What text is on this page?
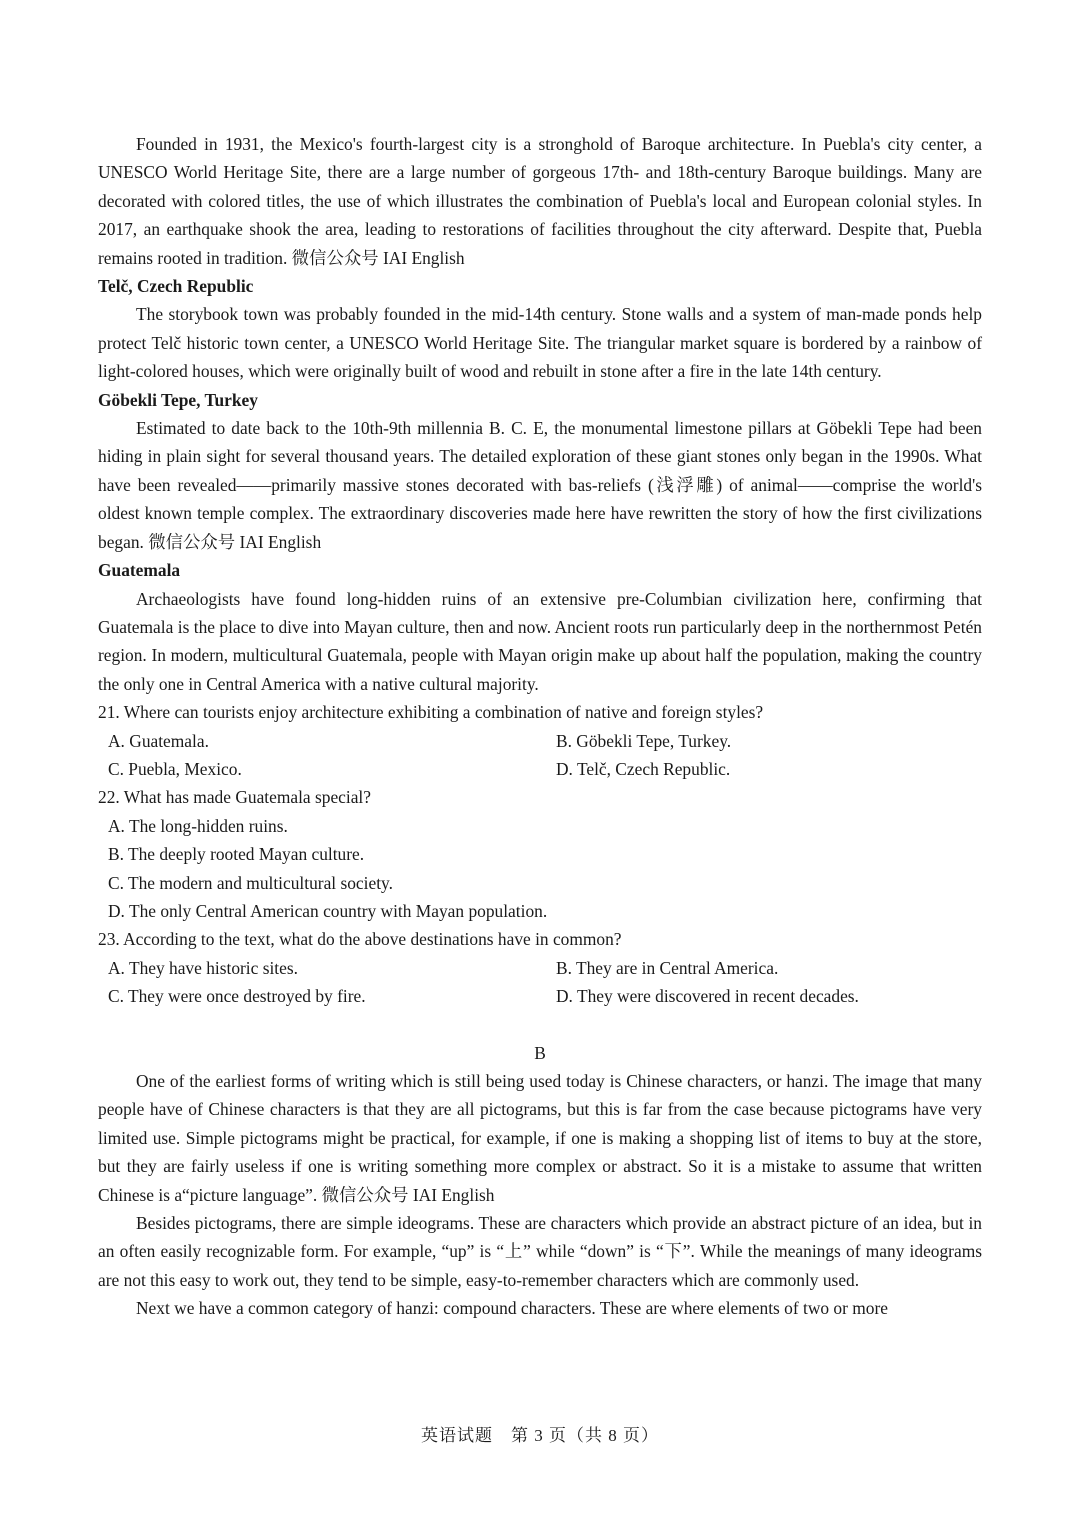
Founded in 1931, the Mexico's fourth-largest city is a stronghold of Baroque architecture. In Puebla's city center, a UNESCO World Heritage Site, there are a large number of gorgeous 17th- and 18th-century Baroque buildings. Many are decorated with colored titles, the use of which illustrates the combination of Puebla's local and European colonial styles. In 2017, an earthquake shook the area, leading to restorations of facilities throughout the city afterward. Despite that, Puebla remains rooted in tradition. 微信公众号 IAI English

Telč, Czech Republic

The storybook town was probably founded in the mid-14th century. Stone walls and a system of man-made ponds help protect Telč historic town center, a UNESCO World Heritage Site. The triangular market square is bordered by a rainbow of light-colored houses, which were originally built of wood and rebuilt in stone after a fire in the late 14th century.

Göbekli Tepe, Turkey

Estimated to date back to the 10th-9th millennia B. C. E, the monumental limestone pillars at Göbekli Tepe had been hiding in plain sight for several thousand years. The detailed exploration of these giant stones only began in the 1990s. What have been revealed——primarily massive stones decorated with bas-reliefs (浅浮雕) of animal——comprise the world's oldest known temple complex. The extraordinary discoveries made here have rewritten the story of how the first civilizations began. 微信公众号 IAI English

Guatemala

Archaeologists have found long-hidden ruins of an extensive pre-Columbian civilization here, confirming that Guatemala is the place to dive into Mayan culture, then and now. Ancient roots run particularly deep in the northernmost Petén region. In modern, multicultural Guatemala, people with Mayan origin make up about half the population, making the country the only one in Central America with a native cultural majority.

21. Where can tourists enjoy architecture exhibiting a combination of native and foreign styles?

A. Guatemala.	B. Göbekli Tepe, Turkey.
C. Puebla, Mexico.	D. Telč, Czech Republic.

22. What has made Guatemala special?

A. The long-hidden ruins.
B. The deeply rooted Mayan culture.
C. The modern and multicultural society.
D. The only Central American country with Mayan population.

23. According to the text, what do the above destinations have in common?

A. They have historic sites.	B. They are in Central America.
C. They were once destroyed by fire.	D. They were discovered in recent decades.

B

One of the earliest forms of writing which is still being used today is Chinese characters, or hanzi. The image that many people have of Chinese characters is that they are all pictograms, but this is far from the case because pictograms have very limited use. Simple pictograms might be practical, for example, if one is making a shopping list of items to buy at the store, but they are fairly useless if one is writing something more complex or abstract. So it is a mistake to assume that written Chinese is a“picture language”. 微信公众号 IAI English

Besides pictograms, there are simple ideograms. These are characters which provide an abstract picture of an idea, but in an often easily recognizable form. For example, “up” is “上” while “down” is “下”. While the meanings of many ideograms are not this easy to work out, they tend to be simple, easy-to-remember characters which are commonly used.

Next we have a common category of hanzi: compound characters. These are where elements of two or more

英语试题　第 3 页（共 8 页）
